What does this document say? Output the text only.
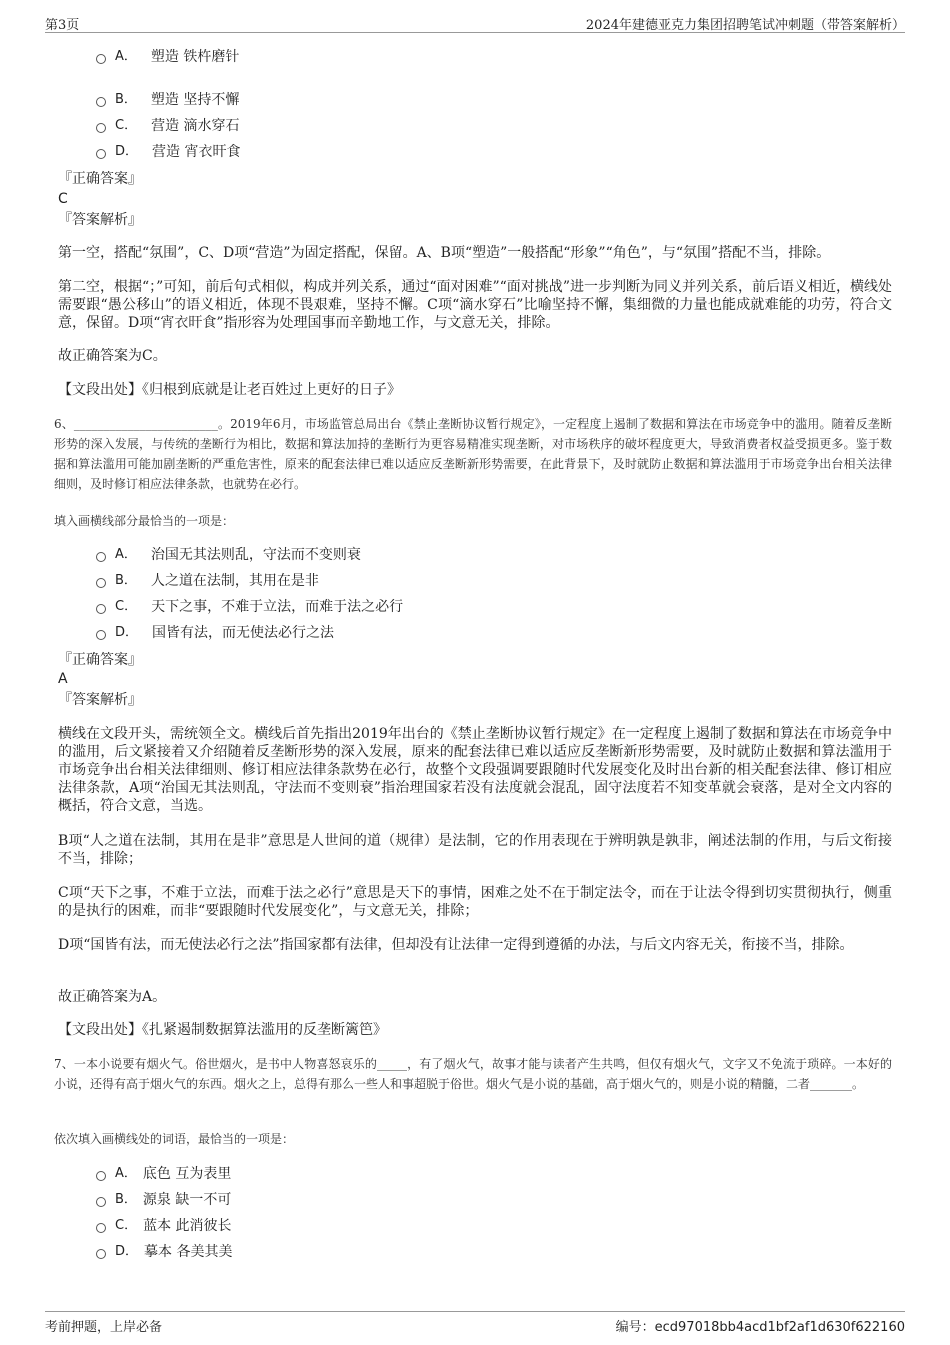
第3页	2024年建德亚克力集团招聘笔试冲刺题（带答案解析）
A． 塑造 铁杵磨针
B． 塑造 坚持不懈
C． 营造 滴水穿石
D． 营造 宵衣旰食
『正确答案』
C
『答案解析』

第一空，搭配“氛围”，C、D项“营造”为固定搭配，保留。A、B项“塑造”一般搭配“形象”“角色”，与“氛围”搭配不当，排除。

第二空，根据“；”可知，前后句式相似，构成并列关系，通过“面对困难”“面对挑战”进一步判断为同义并列关系，前后语义相近，横线处需要跟“愚公移山”的语义相近，体现不畏艰难，坚持不懈。C项“滴水穿石”比喻坚持不懈，集细微的力量也能成就难能的功劳，符合文意，保留。D项“宵衣旰食”指形容为处理国事而辛勤地工作，与文意无关，排除。

故正确答案为C。

【文段出处】《归根到底就是让老百姓过上更好的日子》

6、________________________。2019年6月，市场监管总局出台《禁止垄断协议暂行规定》，一定程度上遏制了数据和算法在市场竞争中的滥用。随着反垄断形势的深入发展，与传统的垄断行为相比，数据和算法加持的垄断行为更容易精准实现垄断，对市场秩序的破坏程度更大，导致消费者权益受损更多。鉴于数据和算法滥用可能加剧垄断的严重危害性，原来的配套法律已难以适应反垄断新形势需要，在此背景下，及时就防止数据和算法滥用于市场竞争出台相关法律细则，及时修订相应法律条款，也就势在必行。

填入画横线部分最恰当的一项是：
A． 治国无其法则乱，守法而不变则衰
B． 人之道在法制，其用在是非
C． 天下之事，不难于立法，而难于法之必行
D． 国皆有法，而无使法必行之法
『正确答案』
A
『答案解析』

横线在文段开头，需统领全文。横线后首先指出2019年出台的《禁止垄断协议暂行规定》在一定程度上遏制了数据和算法在市场竞争中的滥用，后文紧接着又介绍随着反垄断形势的深入发展，原来的配套法律已难以适应反垄断新形势需要，及时就防止数据和算法滥用于市场竞争出台相关法律细则、修订相应法律条款势在必行，故整个文段强调要跟随时代发展变化及时出台新的相关配套法律、修订相应法律条款，A项“治国无其法则乱，守法而不变则衰”指治理国家若没有法度就会混乱，固守法度若不知变革就会衰落，是对全文内容的概括，符合文意，当选。

B项“人之道在法制，其用在是非”意思是人世间的道（规律）是法制，它的作用表现在于辨明孰是孰非，阐述法制的作用，与后文衔接不当，排除；

C项“天下之事，不难于立法，而难于法之必行”意思是天下的事情，困难之处不在于制定法令，而在于让法令得到切实贯彻执行，侧重的是执行的困难，而非“要跟随时代发展变化”，与文意无关，排除；

D项“国皆有法，而无使法必行之法”指国家都有法律，但却没有让法律一定得到遵循的办法，与后文内容无关，衔接不当，排除。

故正确答案为A。

【文段出处】《扎紧遏制数据算法滥用的反垄断篱笆》

7、一本小说要有烟火气。俗世烟火，是书中人物喜怒哀乐的_____，有了烟火气，故事才能与读者产生共鸣，但仅有烟火气，文字又不免流于琐碎。一本好的小说，还得有高于烟火气的东西。烟火之上，总得有那么一些人和事超脱于俗世。烟火气是小说的基础，高于烟火气的，则是小说的精髓，二者_______。

依次填入画横线处的词语，最恰当的一项是：
A． 底色 互为表里
B． 源泉 缺一不可
C． 蓝本 此消彼长
D． 摹本 各美其美
考前押题，上岸必备	编号：ecd97018bb4acd1bf2af1d630f622160
